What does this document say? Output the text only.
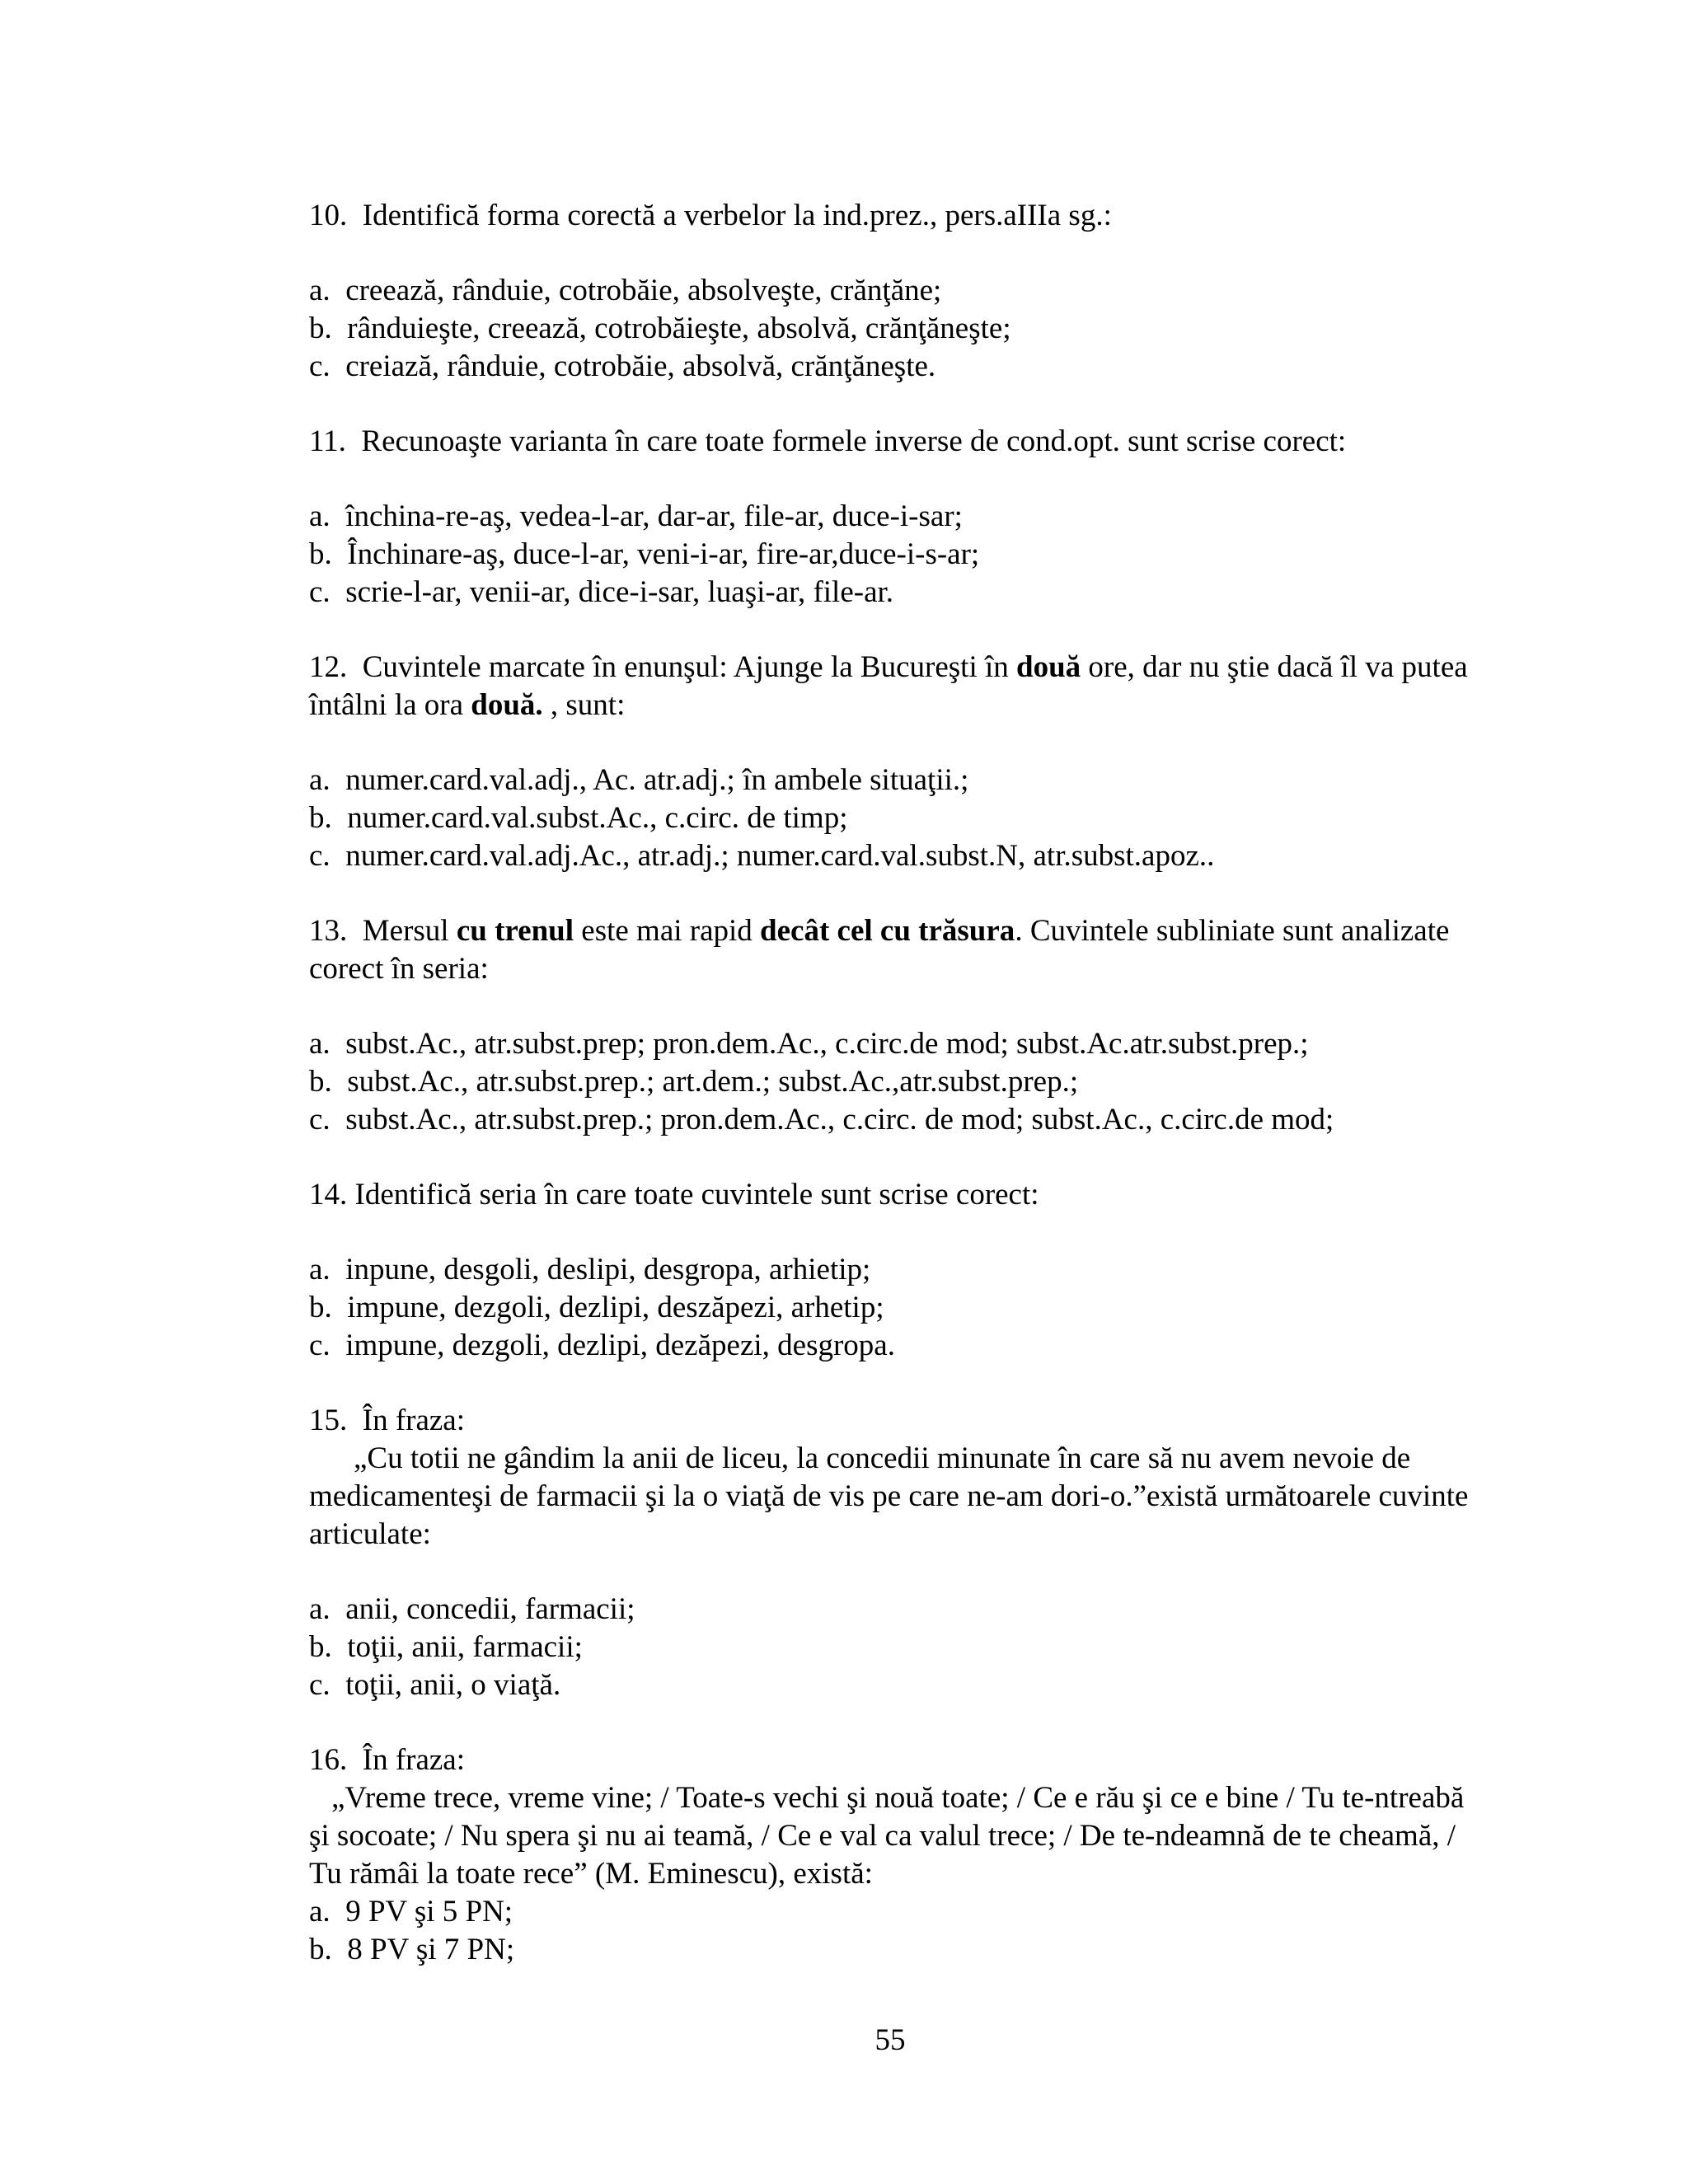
10. Identifică forma corectă a verbelor la ind.prez., pers.aIIIa sg.:
a. creează, rânduie, cotrobăie, absolveşte, crănţăne;
b. rânduieşte, creează, cotrobăieşte, absolvă, crănţăneşte;
c. creiază, rânduie, cotrobăie, absolvă, crănţăneşte.
11. Recunoaşte varianta în care toate formele inverse de cond.opt. sunt scrise corect:
a. închina-re-aş, vedea-l-ar, dar-ar, file-ar, duce-i-sar;
b. Închinare-aş, duce-l-ar, veni-i-ar, fire-ar,duce-i-s-ar;
c. scrie-l-ar, venii-ar, dice-i-sar, luaşi-ar, file-ar.
12. Cuvintele marcate în enunşul: Ajunge la Bucureşti în două ore, dar nu ştie dacă îl va putea întâlni la ora două. , sunt:
a. numer.card.val.adj., Ac. atr.adj.; în ambele situaţii.;
b. numer.card.val.subst.Ac., c.circ. de timp;
c. numer.card.val.adj.Ac., atr.adj.; numer.card.val.subst.N, atr.subst.apoz..
13. Mersul cu trenul este mai rapid decât cel cu trăsura. Cuvintele subliniate sunt analizate corect în seria:
a. subst.Ac., atr.subst.prep; pron.dem.Ac., c.circ.de mod; subst.Ac.atr.subst.prep.;
b. subst.Ac., atr.subst.prep.; art.dem.; subst.Ac.,atr.subst.prep.;
c. subst.Ac., atr.subst.prep.; pron.dem.Ac., c.circ. de mod; subst.Ac., c.circ.de mod;
14. Identifică seria în care toate cuvintele sunt scrise corect:
a. inpune, desgoli, deslipi, desgropa, arhietip;
b. impune, dezgoli, dezlipi, deszăpezi, arhetip;
c. impune, dezgoli, dezlipi, dezăpezi, desgropa.
15. În fraza:
„Cu totii ne gândim la anii de liceu, la concedii minunate în care să nu avem nevoie de medicamenteşi de farmacii şi la o viaţă de vis pe care ne-am dori-o.”există următoarele cuvinte articulate:
a. anii, concedii, farmacii;
b. toţii, anii, farmacii;
c. toţii, anii, o viaţă.
16. În fraza:
„Vreme trece, vreme vine; / Toate-s vechi şi nouă toate; / Ce e rău şi ce e bine / Tu te-ntreabă şi socoate; / Nu spera şi nu ai teamă, / Ce e val ca valul trece; / De te-ndeamnă de te cheamă, / Tu rămâi la toate rece” (M. Eminescu), există:
a. 9 PV şi 5 PN;
b. 8 PV şi 7 PN;
55
